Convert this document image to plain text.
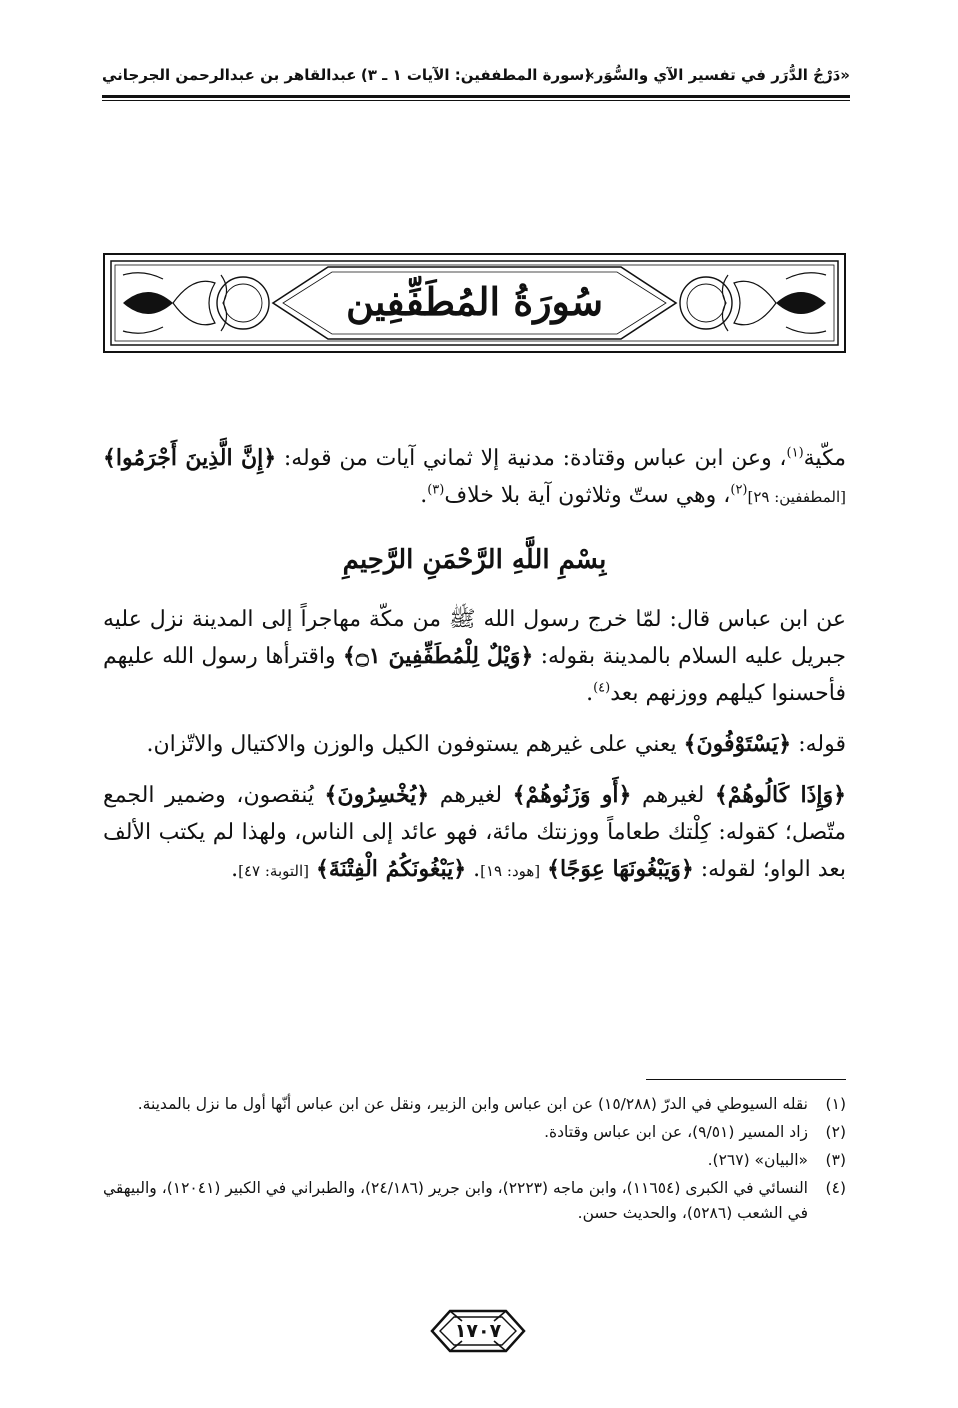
«دَرْجُ الدُّرَر في تفسير الآي والسُّوَر»
(سورة المطففين: الآيات ١ ـ ٣)
عبدالقاهر بن عبدالرحمن الجرجاني
سُورَةُ المُطَفِّفِين

مكّية$^{(١)}$، وعن ابن عباس وقتادة: مدنية إلا ثماني آيات من قوله: ﴿إِنَّ الَّذِينَ أَجْرَمُوا﴾ [المطففين: ٢٩]$^{(٢)}$، وهي ستّ وثلاثون آية بلا خلاف$^{(٣)}$.

بِسْمِ اللَّهِ الرَّحْمَنِ الرَّحِيمِ

عن ابن عباس قال: لمّا خرج رسول الله ﷺ من مكّة مهاجراً إلى المدينة نزل عليه جبريل عليه السلام بالمدينة بقوله: ﴿وَيْلٌ لِلْمُطَفِّفِينَ ۝١﴾ واقترأها رسول الله عليهم فأحسنوا كيلهم ووزنهم بعد$^{(٤)}$.

قوله: ﴿يَسْتَوْفُونَ﴾ يعني على غيرهم يستوفون الكيل والوزن والاكتيال والاتّزان.

﴿وَإِذَا كَالُوهُمْ﴾ لغيرهم ﴿أَو وَزَنُوهُمْ﴾ لغيرهم ﴿يُخْسِرُونَ﴾ يُنقصون، وضمير الجمع متّصل؛ كقوله: كِلْتك طعاماً ووزنتك مائة، فهو عائد إلى الناس، ولهذا لم يكتب الألف بعد الواو؛ لقوله: ﴿وَيَبْغُونَهَا عِوَجًا﴾ [هود: ١٩]. ﴿يَبْغُونَكُمُ الْفِتْنَةَ﴾ [التوبة: ٤٧].

(١)
نقله السيوطي في الدرّ (١٥/٢٨٨) عن ابن عباس وابن الزبير، ونقل عن ابن عباس أنّها أول ما نزل بالمدينة.
(٢)
زاد المسير (٩/٥١)، عن ابن عباس وقتادة.
(٣)
«البيان» (٢٦٧).
(٤)
النسائي في الكبرى (١١٦٥٤)، وابن ماجه (٢٢٢٣)، وابن جرير (٢٤/١٨٦)، والطبراني في الكبير (١٢٠٤١)، والبيهقي في الشعب (٥٢٨٦)، والحديث حسن.
١٧٠٧
